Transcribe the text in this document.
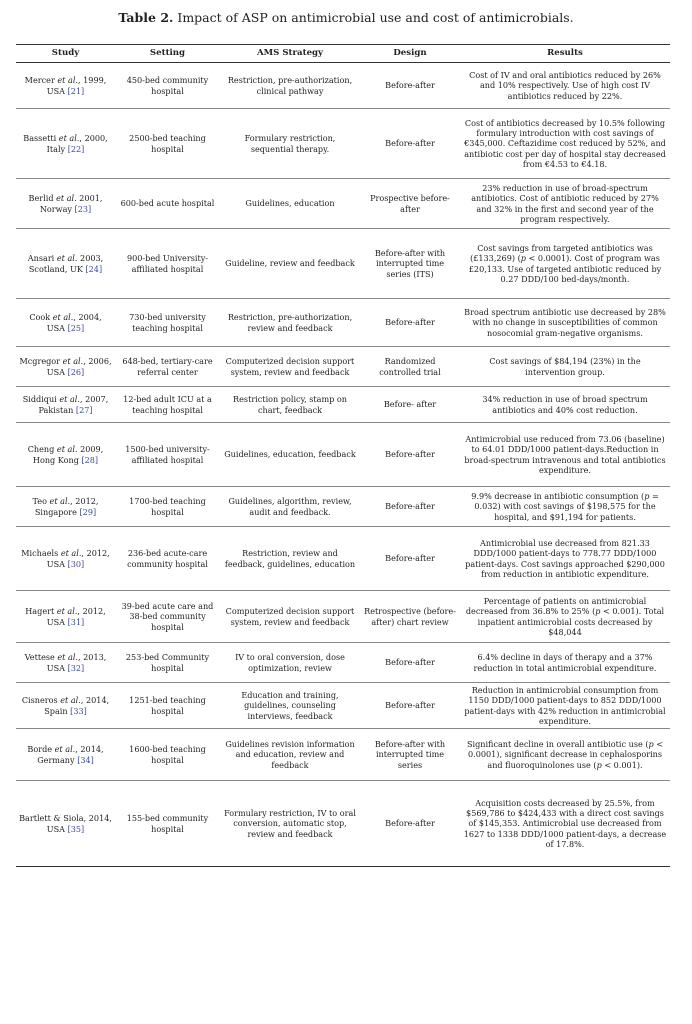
Table 2. Impact of ASP on antimicrobial use and cost of antimicrobials.
Study	Setting	AMS Strategy	Design	Results
Mercer et al., 1999, USA [21]	450-bed community hospital	Restriction, pre-authorization, clinical pathway	Before-after	Cost of IV and oral antibiotics reduced by 26% and 10% respectively. Use of high cost IV antibiotics reduced by 22%.
Bassetti et al., 2000, Italy [22]	2500-bed teaching hospital	Formulary restriction, sequential therapy.	Before-after	Cost of antibiotics decreased by 10.5% following formulary introduction with cost savings of €345,000. Ceftazidime cost reduced by 52%, and antibiotic cost per day of hospital stay decreased from €4.53 to €4.18.
Berlid et al. 2001, Norway [23]	600-bed acute hospital	Guidelines, education	Prospective before-after	23% reduction in use of broad-spectrum antibiotics. Cost of antibiotic reduced by 27% and 32% in the first and second year of the program respectively.
Ansari et al. 2003, Scotland, UK [24]	900-bed University-affiliated hospital	Guideline, review and feedback	Before-after with interrupted time series (ITS)	Cost savings from targeted antibiotics was (£133,269) (p < 0.0001). Cost of program was £20,133. Use of targeted antibiotic reduced by 0.27 DDD/100 bed-days/month.
Cook et al., 2004, USA [25]	730-bed university teaching hospital	Restriction, pre-authorization, review and feedback	Before-after	Broad spectrum antibiotic use decreased by 28% with no change in susceptibilities of common nosocomial gram-negative organisms.
Mcgregor et al., 2006, USA [26]	648-bed, tertiary-care referral center	Computerized decision support system, review and feedback	Randomized controlled trial	Cost savings of $84,194 (23%) in the intervention group.
Siddiqui et al., 2007, Pakistan [27]	12-bed adult ICU at a teaching hospital	Restriction policy, stamp on chart, feedback	Before- after	34% reduction in use of broad spectrum antibiotics and 40% cost reduction.
Cheng et al. 2009, Hong Kong [28]	1500-bed university-affiliated hospital	Guidelines, education, feedback	Before-after	Antimicrobial use reduced from 73.06 (baseline) to 64.01 DDD/1000 patient-days.Reduction in broad-spectrum intravenous and total antibiotics expenditure.
Teo et al., 2012, Singapore [29]	1700-bed teaching hospital	Guidelines, algorithm, review, audit and feedback.	Before-after	9.9% decrease in antibiotic consumption (p = 0.032) with cost savings of $198,575 for the hospital, and $91,194 for patients.
Michaels et al., 2012, USA [30]	236-bed acute-care community hospital	Restriction, review and feedback, guidelines, education	Before-after	Antimicrobial use decreased from 821.33 DDD/1000 patient-days to 778.77 DDD/1000 patient-days. Cost savings approached $290,000 from reduction in antibiotic expenditure.
Hagert et al., 2012, USA [31]	39-bed acute care and 38-bed community hospital	Computerized decision support system, review and feedback	Retrospective (before-after) chart review	Percentage of patients on antimicrobial decreased from 36.8% to 25% (p < 0.001). Total inpatient antimicrobial costs decreased by $48,044
Vettese et al., 2013, USA [32]	253-bed Community hospital	IV to oral conversion, dose optimization, review	Before-after	6.4% decline in days of therapy and a 37% reduction in total antimicrobial expenditure.
Cisneros et al., 2014, Spain [33]	1251-bed teaching hospital	Education and training, guidelines, counseling interviews, feedback	Before-after	Reduction in antimicrobial consumption from 1150 DDD/1000 patient-days to 852 DDD/1000 patient-days with 42% reduction in antimicrobial expenditure.
Borde et al., 2014, Germany [34]	1600-bed teaching hospital	Guidelines revision information and education, review and feedback	Before-after with interrupted time series	Significant decline in overall antibiotic use (p < 0.0001), significant decrease in cephalosporins and fluoroquinolones use (p < 0.001).
Bartlett & Siola, 2014, USA [35]	155-bed community hospital	Formulary restriction, IV to oral conversion, automatic stop, review and feedback	Before-after	Acquisition costs decreased by 25.5%, from $569,786 to $424,433 with a direct cost savings of $145,353. Antimicrobial use decreased from 1627 to 1338 DDD/1000 patient-days, a decrease of 17.8%.
